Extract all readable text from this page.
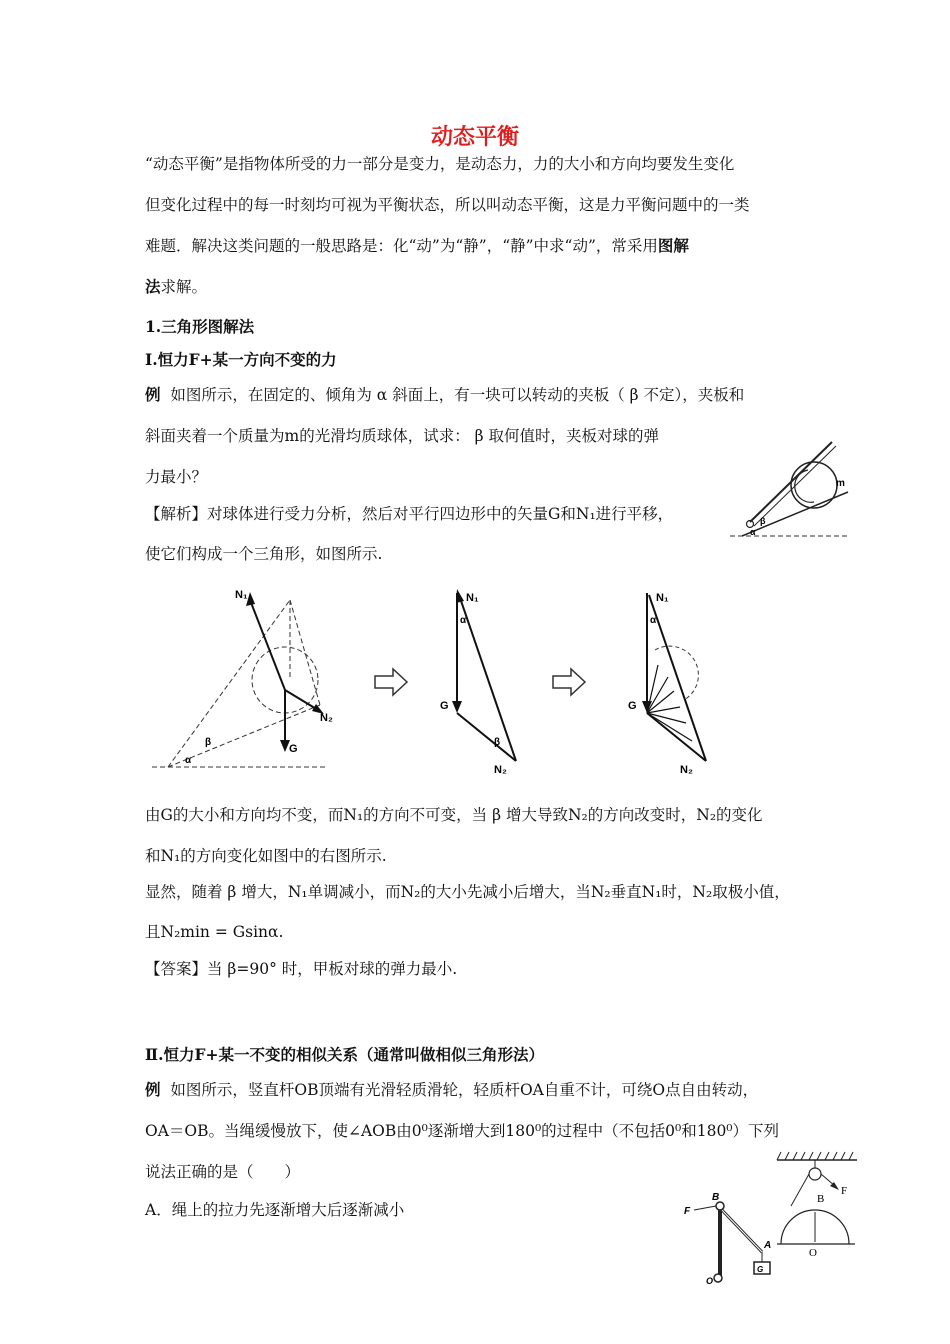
动态平衡
“动态平衡”是指物体所受的力一部分是变力，是动态力，力的大小和方向均要发生变化
但变化过程中的每一时刻均可视为平衡状态，所以叫动态平衡，这是力平衡问题中的一类
难题．解决这类问题的一般思路是：化“动”为“静”，“静”中求“动”，常采用图解
法求解。
1.三角形图解法
Ⅰ.恒力F+某一方向不变的力
例 如图所示，在固定的、倾角为 α 斜面上，有一块可以转动的夹板（ β 不定），夹板和
斜面夹着一个质量为m的光滑均质球体，试求： β 取何值时，夹板对球的弹
力最小？
【解析】对球体进行受力分析，然后对平行四边形中的矢量G和N₁进行平移，
使它们构成一个三角形，如图所示.
m
β
α
N₁
N₂
G
β
α
N₁
α
G
β
N₂
N₁
α
G
N₂
由G的大小和方向均不变，而N₁的方向不可变，当 β 增大导致N₂的方向改变时，N₂的变化
和N₁的方向变化如图中的右图所示.
显然，随着 β 增大，N₁单调减小，而N₂的大小先减小后增大，当N₂垂直N₁时，N₂取极小值，
且N₂min = Gsinα.
【答案】当 β=90° 时，甲板对球的弹力最小.
Ⅱ.恒力F+某一不变的相似关系（通常叫做相似三角形法）
例 如图所示，竖直杆OB顶端有光滑轻质滑轮，轻质杆OA自重不计，可绕O点自由转动，
OA＝OB。当绳缓慢放下，使∠AOB由0⁰逐渐增大到180⁰的过程中（不包括0⁰和180⁰）下列
说法正确的是（　　）
A．绳上的拉力先逐渐增大后逐渐减小
B
F
A
G
O
B
F
O
